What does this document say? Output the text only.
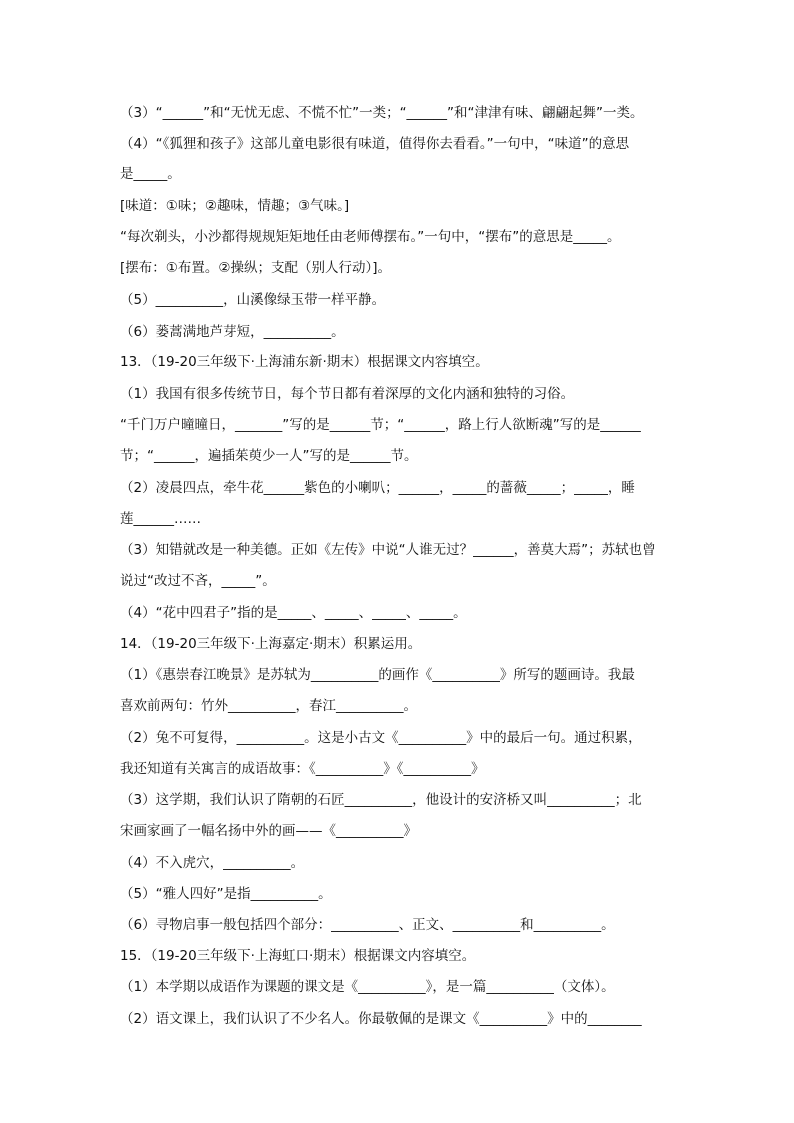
（3）“______”和“无忧无虑、不慌不忙”一类；“______”和“津津有味、翩翩起舞”一类。
（4）“《狐狸和孩子》这部儿童电影很有味道，值得你去看看。”一句中，“味道”的意思
是_____。
[味道：①味；②趣味，情趣；③气味。]
“每次剃头，小沙都得规规矩矩地任由老师傅摆布。”一句中，“摆布”的意思是_____。
[摆布：①布置。②操纵；支配（别人行动）]。
（5）__________，山溪像绿玉带一样平静。
（6）蒌蒿满地芦芽短，__________。
13．（19-20三年级下·上海浦东新·期末）根据课文内容填空。
（1）我国有很多传统节日，每个节日都有着深厚的文化内涵和独特的习俗。
“千门万户曈曈日，_______”写的是______节；“______，路上行人欲断魂”写的是______
节；“______，遍插茱萸少一人”写的是______节。
（2）凌晨四点，牵牛花______紫色的小喇叭；______，_____的蔷薇_____；_____，睡
莲______……
（3）知错就改是一种美德。正如《左传》中说“人谁无过？______，善莫大焉”；苏轼也曾
说过“改过不吝，_____”。
（4）“花中四君子”指的是_____、_____、_____、_____。
14．（19-20三年级下·上海嘉定·期末）积累运用。
（1）《惠崇春江晚景》是苏轼为__________的画作《__________》所写的题画诗。我最
喜欢前两句：竹外__________，春江__________。
（2）兔不可复得，__________。这是小古文《__________》中的最后一句。通过积累，
我还知道有关寓言的成语故事：《__________》《__________》
（3）这学期，我们认识了隋朝的石匠__________，他设计的安济桥又叫__________；北
宋画家画了一幅名扬中外的画——《__________》
（4）不入虎穴，__________。
（5）“雅人四好”是指__________。
（6）寻物启事一般包括四个部分：__________、正文、__________和__________。
15．（19-20三年级下·上海虹口·期末）根据课文内容填空。
（1）本学期以成语作为课题的课文是《__________》，是一篇__________（文体）。
（2）语文课上，我们认识了不少名人。你最敬佩的是课文《__________》中的________
